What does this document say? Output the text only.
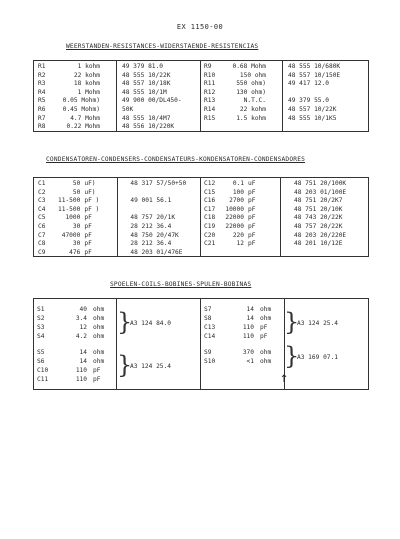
EX 1150-00
WEERSTANDEN-RESISTANCES-WIDERSTAENDE-RESISTENCIAS
R1	1 kohm		49 379 81.0
R2	22 kohm		48 555 10/22K
R3	18 kohm		48 557 10/18K
R4	1 Mohm		48 555 10/1M
R5	0.05 Mohm)		49 900 00/DL450-
R6	0.45 Mohm)		50K
R7	4.7 Mohm		48 555 10/4M7
R8	0.22 Mohm		48 556 10/220K
R9	0.68 Mohm		48 555 10/680K
R10	150 ohm		48 557 10/150E
R11	550 ohm)		49 417 12.0
R12	130 ohm)		
R13	N.T.C.		49 379 55.0
R14	22 kohm		48 557 10/22K
R15	1.5 kohm		48 555 10/1K5
CONDENSATOREN-CONDENSERS-CONDENSATEURS-KONDENSATOREN-CONDENSADORES
C1	50	uF)		48 317 57/50+50
C2	50	uF)		
C3	11-500	pF )		49 001 56.1
C4	11-500	pF )		
C5	1000	pF		48 757 20/1K
C6	30	pF		28 212 36.4
C7	47000	pF		48 750 20/47K
C8	30	pF		28 212 36.4
C9	476	pF		48 203 01/476E
C12	0.1	uF		48 751 20/100K
C15	100	pF		48 203 01/100E
C16	2700	pF		48 751 20/2K7
C17	10000	pF		48 751 20/10K
C18	22000	pF		48 743 20/22K
C19	22000	pF		48 757 20/22K
C20	220	pF		48 203 20/220E
C21	12	pF		48 201 10/12E
SPOELEN-COILS-BOBINES-SPULEN-BOBINAS
S1	40 ohm
S2	3.4 ohm
S3	12 ohm
S4	4.2 ohm
}
A3 124 84.0
S5	14 ohm
S6	14 ohm
C10	110 pF
C11	110 pF
}
A3 124 25.4
S7	14 ohm
S8	14 ohm
C13	110 pF
C14	110 pF
}
A3 124 25.4
S9	370 ohm
S10	<1 ohm }
A3 169 07.1
↑
